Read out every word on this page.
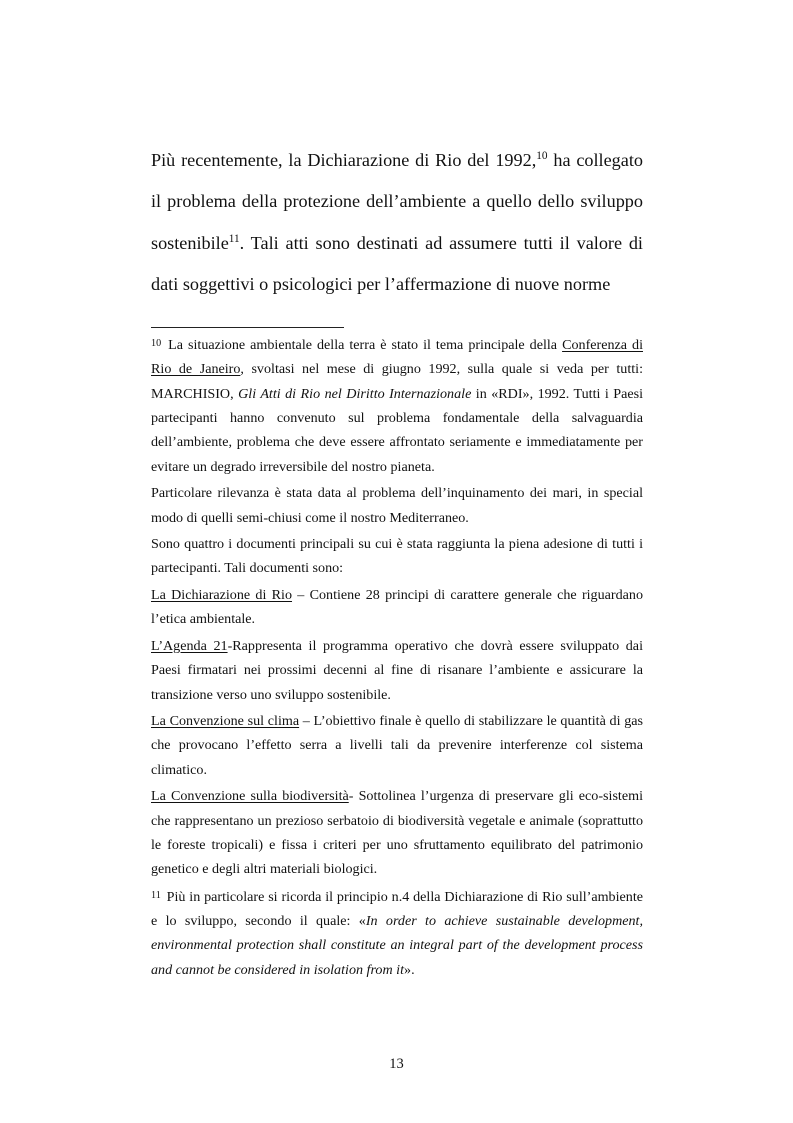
Più recentemente, la Dichiarazione di Rio del 1992,10 ha collegato il problema della protezione dell’ambiente a quello dello sviluppo sostenibile$^{11}$. Tali atti sono destinati ad assumere tutti il valore di dati soggettivi o psicologici per l’affermazione di nuove norme

$^{10}$ La situazione ambientale della terra è stato il tema principale della Conferenza di Rio de Janeiro, svoltasi nel mese di giugno 1992, sulla quale si veda per tutti: MARCHISIO, Gli Atti di Rio nel Diritto Internazionale in «RDI», 1992. Tutti i Paesi partecipanti hanno convenuto sul problema fondamentale della salvaguardia dell’ambiente, problema che deve essere affrontato seriamente e immediatamente per evitare un degrado irreversibile del nostro pianeta.

Particolare rilevanza è stata data al problema dell’inquinamento dei mari, in special modo di quelli semi-chiusi come il nostro Mediterraneo.

Sono quattro i documenti principali su cui è stata raggiunta la piena adesione di tutti i partecipanti. Tali documenti sono:

La Dichiarazione di Rio – Contiene 28 principi di carattere generale che riguardano l’etica ambientale.

L’Agenda 21-Rappresenta il programma operativo che dovrà essere sviluppato dai Paesi firmatari nei prossimi decenni al fine di risanare l’ambiente e assicurare la transizione verso uno sviluppo sostenibile.

La Convenzione sul clima – L’obiettivo finale è quello di stabilizzare le quantità di gas che provocano l’effetto serra a livelli tali da prevenire interferenze col sistema climatico.

La Convenzione sulla biodiversità- Sottolinea l’urgenza di preservare gli eco-sistemi che rappresentano un prezioso serbatoio di biodiversità vegetale e animale (soprattutto le foreste tropicali) e fissa i criteri per uno sfruttamento equilibrato del patrimonio genetico e degli altri materiali biologici.

$^{11}$ Più in particolare si ricorda il principio n.4 della Dichiarazione di Rio sull’ambiente e lo sviluppo, secondo il quale: «In order to achieve sustainable development, environmental protection shall constitute an integral part of the development process and cannot be considered in isolation from it».

13
